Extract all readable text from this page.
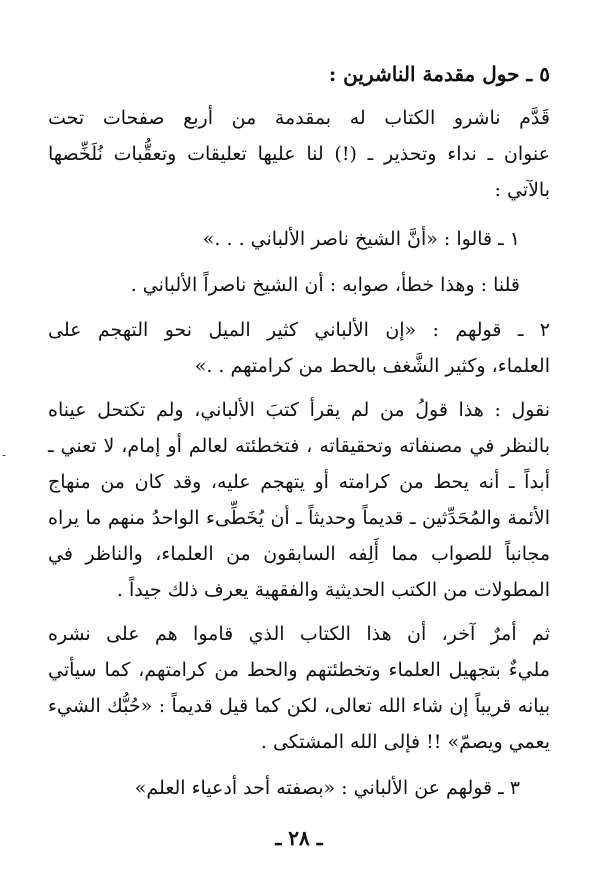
٥ ـ حول مقدمة الناشرين :
قَدَّم ناشرو الكتاب له بمقدمة من أربع صفحات تحت
عنوان ـ نداء وتحذير ـ (!) لنا عليها تعليقات وتعقُّبات نُلَخِّصها
بالآتي :
١ ـ قالوا : «أنَّ الشيخ ناصر الألباني . . .»
قلنا : وهذا خطأ، صوابه : أن الشيخ ناصراً الألباني .
٢ ـ قولهم : «إن الألباني كثير الميل نحو التهجم على
العلماء، وكثير الشَّغف بالحط من كرامتهم . .»
نقول : هذا قولُ من لم يقرأ كتبَ الألباني، ولم تكتحل عيناه
بالنظر في مصنفاته وتحقيقاته ، فتخطئته لعالم أو إمام، لا تعني ـ
أبداً ـ أنه يحط من كرامته أو يتهجم عليه، وقد كان من منهاج
الأئمة والمُحَدِّثين ـ قديماً وحديثاً ـ أن يُخَطِّىء الواحدُ منهم ما يراه
مجانباً للصواب مما أَلِفه السابقون من العلماء، والناظر في
المطولات من الكتب الحديثية والفقهية يعرف ذلك جيداً .
ثم أمرٌ آخر، أن هذا الكتاب الذي قاموا هم على نشره
مليءٌ بتجهيل العلماء وتخطئتهم والحط من كرامتهم، كما سيأتي
بيانه قريباً إن شاء الله تعالى، لكن كما قيل قديماً : «حُبُّك الشيء
يعمي ويصمّ» !! فإلى الله المشتكى .
٣ ـ قولهم عن الألباني : «بصفته أحد أدعياء العلم»
ـ ٢٨ ـ
-
